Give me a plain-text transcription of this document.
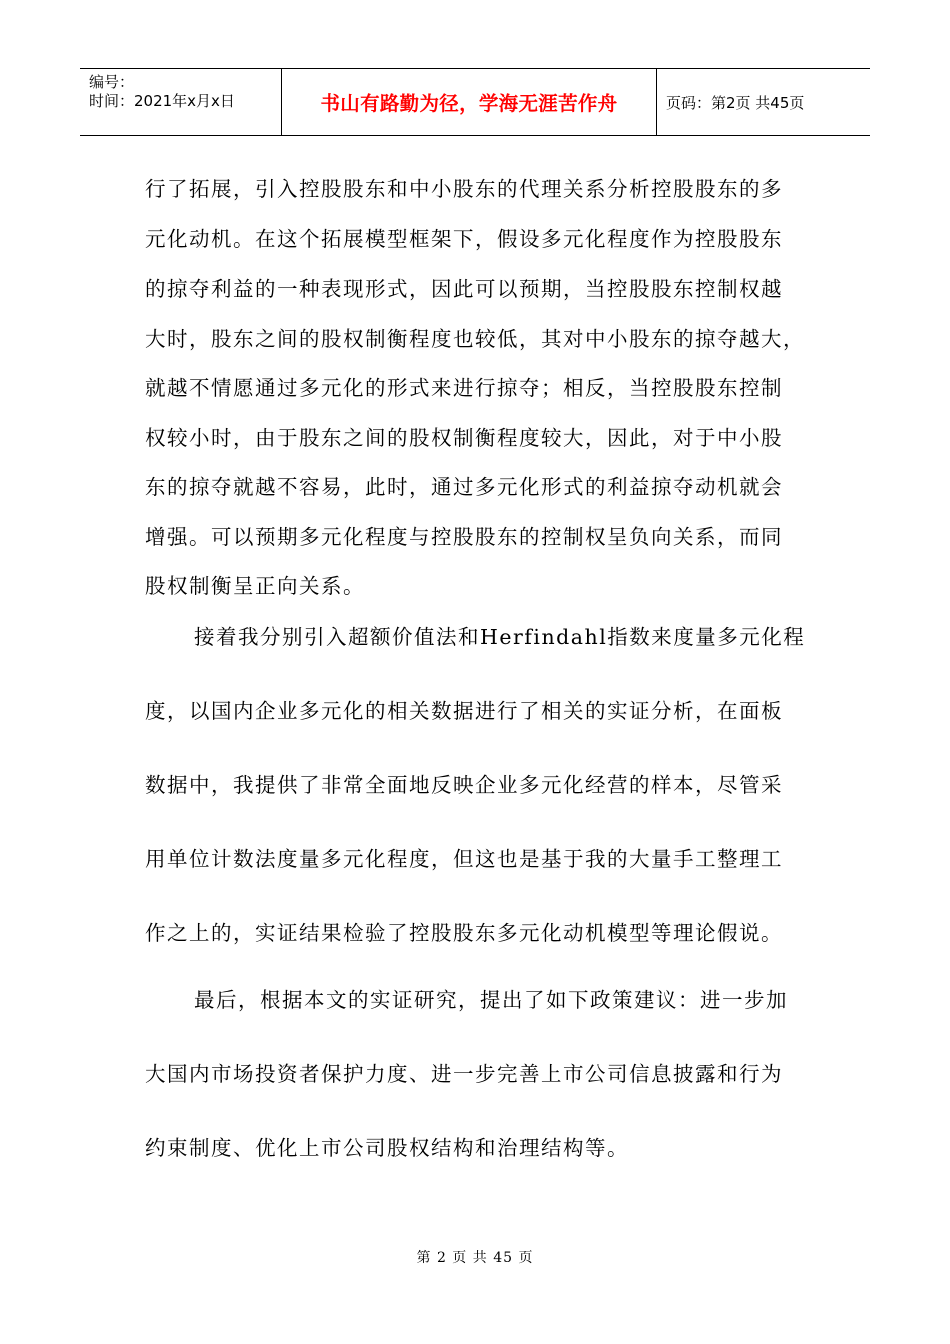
编号：
时间：2021年x月x日	书山有路勤为径，学海无涯苦作舟	页码：第2页 共45页
行了拓展，引入控股股东和中小股东的代理关系分析控股股东的多
元化动机。在这个拓展模型框架下，假设多元化程度作为控股股东
的掠夺利益的一种表现形式，因此可以预期，当控股股东控制权越
大时，股东之间的股权制衡程度也较低，其对中小股东的掠夺越大，
就越不情愿通过多元化的形式来进行掠夺；相反，当控股股东控制
权较小时，由于股东之间的股权制衡程度较大，因此，对于中小股
东的掠夺就越不容易，此时，通过多元化形式的利益掠夺动机就会
增强。可以预期多元化程度与控股股东的控制权呈负向关系，而同
股权制衡呈正向关系。
接着我分别引入超额价值法和Herfindahl指数来度量多元化程
度，以国内企业多元化的相关数据进行了相关的实证分析，在面板
数据中，我提供了非常全面地反映企业多元化经营的样本，尽管采
用单位计数法度量多元化程度，但这也是基于我的大量手工整理工
作之上的，实证结果检验了控股股东多元化动机模型等理论假说。
最后，根据本文的实证研究，提出了如下政策建议：进一步加
大国内市场投资者保护力度、进一步完善上市公司信息披露和行为
约束制度、优化上市公司股权结构和治理结构等。
第 2 页 共 45 页
